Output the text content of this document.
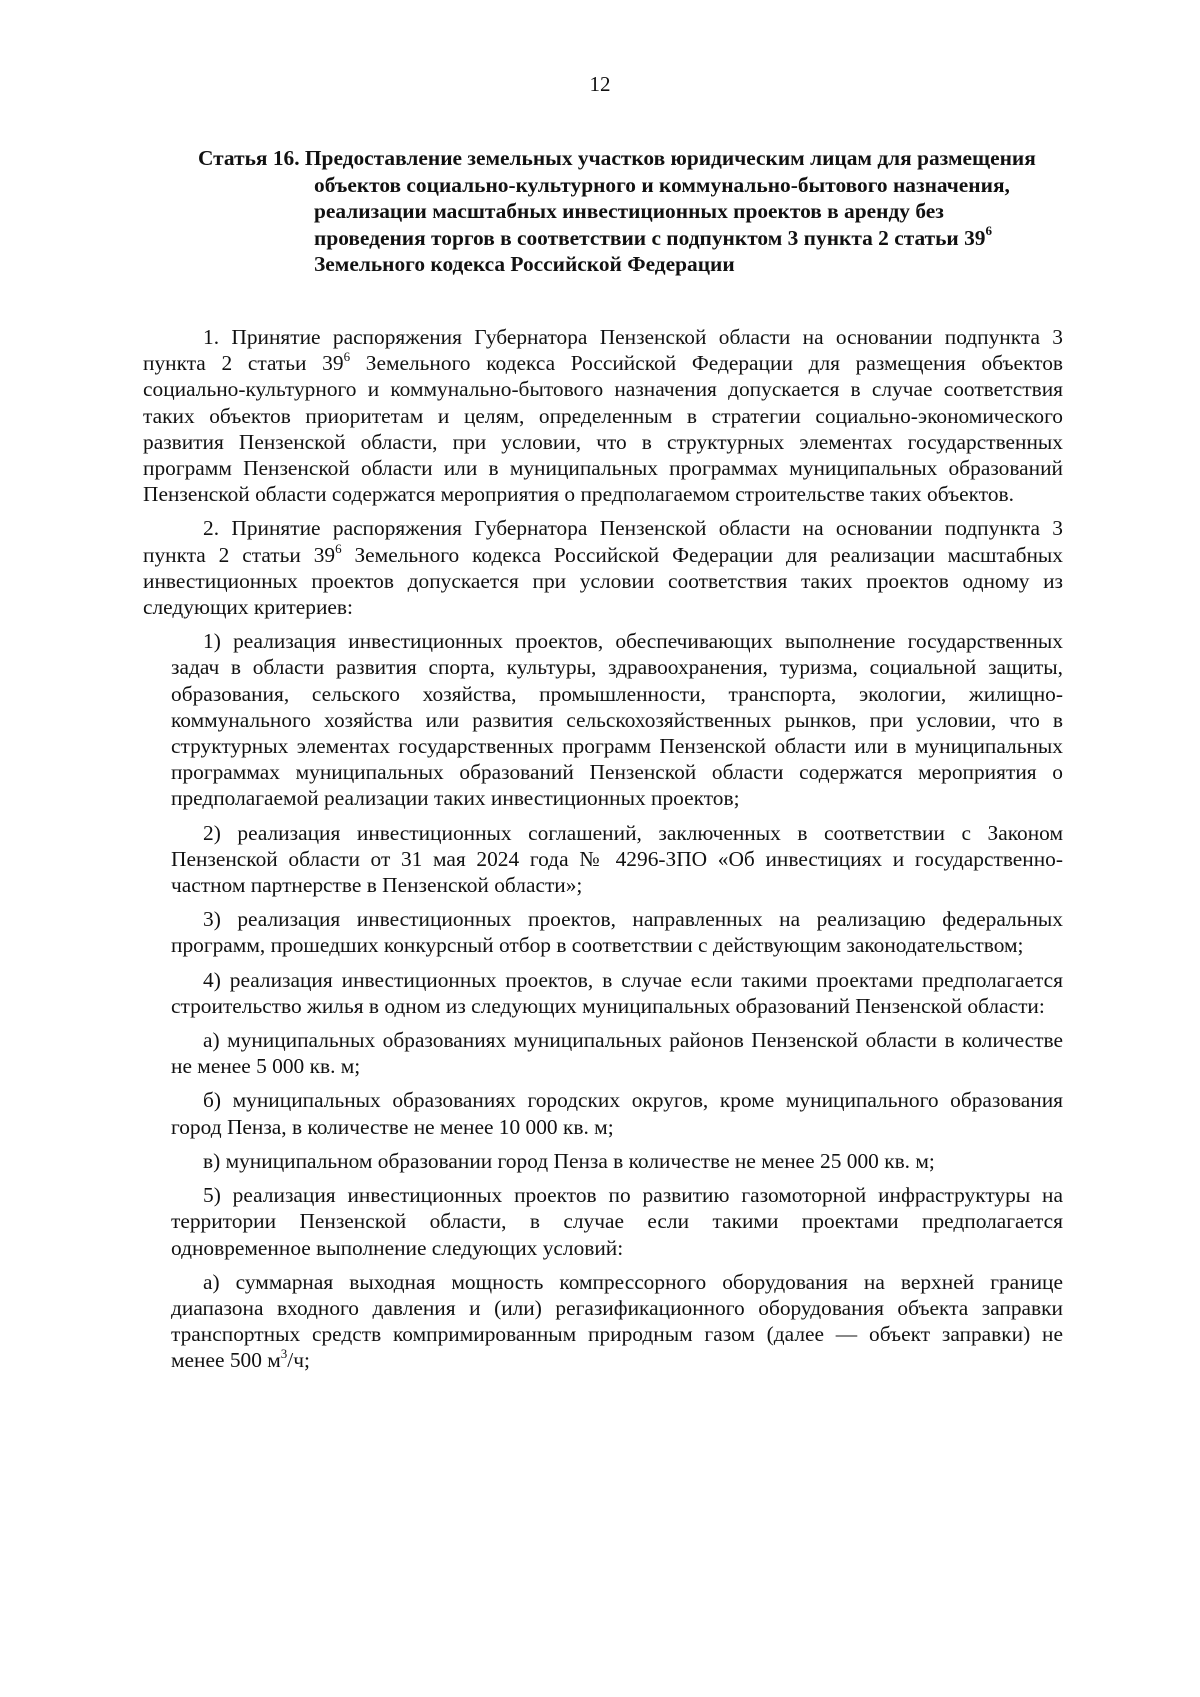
12
Статья 16. Предоставление земельных участков юридическим лицам для размещения объектов социально-культурного и коммунально-бытового назначения, реализации масштабных инвестиционных проектов в аренду без проведения торгов в соответствии с подпунктом 3 пункта 2 статьи $39^6$ Земельного кодекса Российской Федерации

1. Принятие распоряжения Губернатора Пензенской области на основании подпункта 3 пункта 2 статьи $39^6$ Земельного кодекса Российской Федерации для размещения объектов социально-культурного и коммунально-бытового назначения допускается в случае соответствия таких объектов приоритетам и целям, определенным в стратегии социально-экономического развития Пензенской области, при условии, что в структурных элементах государственных программ Пензенской области или в муниципальных программах муниципальных образований Пензенской области содержатся мероприятия о предполагаемом строительстве таких объектов.

2. Принятие распоряжения Губернатора Пензенской области на основании подпункта 3 пункта 2 статьи $39^6$ Земельного кодекса Российской Федерации для реализации масштабных инвестиционных проектов допускается при условии соответствия таких проектов одному из следующих критериев:

1) реализация инвестиционных проектов, обеспечивающих выполнение государственных задач в области развития спорта, культуры, здравоохранения, туризма, социальной защиты, образования, сельского хозяйства, промышленности, транспорта, экологии, жилищно-коммунального хозяйства или развития сельскохозяйственных рынков, при условии, что в структурных элементах государственных программ Пензенской области или в муниципальных программах муниципальных образований Пензенской области содержатся мероприятия о предполагаемой реализации таких инвестиционных проектов;

2) реализация инвестиционных соглашений, заключенных в соответствии с Законом Пензенской области от 31 мая 2024 года № 4296-ЗПО «Об инвестициях и государственно-частном партнерстве в Пензенской области»;

3) реализация инвестиционных проектов, направленных на реализацию федеральных программ, прошедших конкурсный отбор в соответствии с действующим законодательством;

4) реализация инвестиционных проектов, в случае если такими проектами предполагается строительство жилья в одном из следующих муниципальных образований Пензенской области:

а) муниципальных образованиях муниципальных районов Пензенской области в количестве не менее 5 000 кв. м;

б) муниципальных образованиях городских округов, кроме муниципального образования город Пенза, в количестве не менее 10 000 кв. м;

в) муниципальном образовании город Пенза в количестве не менее 25 000 кв. м;

5) реализация инвестиционных проектов по развитию газомоторной инфраструктуры на территории Пензенской области, в случае если такими проектами предполагается одновременное выполнение следующих условий:

а) суммарная выходная мощность компрессорного оборудования на верхней границе диапазона входного давления и (или) регазификационного оборудования объекта заправки транспортных средств компримированным природным газом (далее — объект заправки) не менее 500 $м^3/ч$;
